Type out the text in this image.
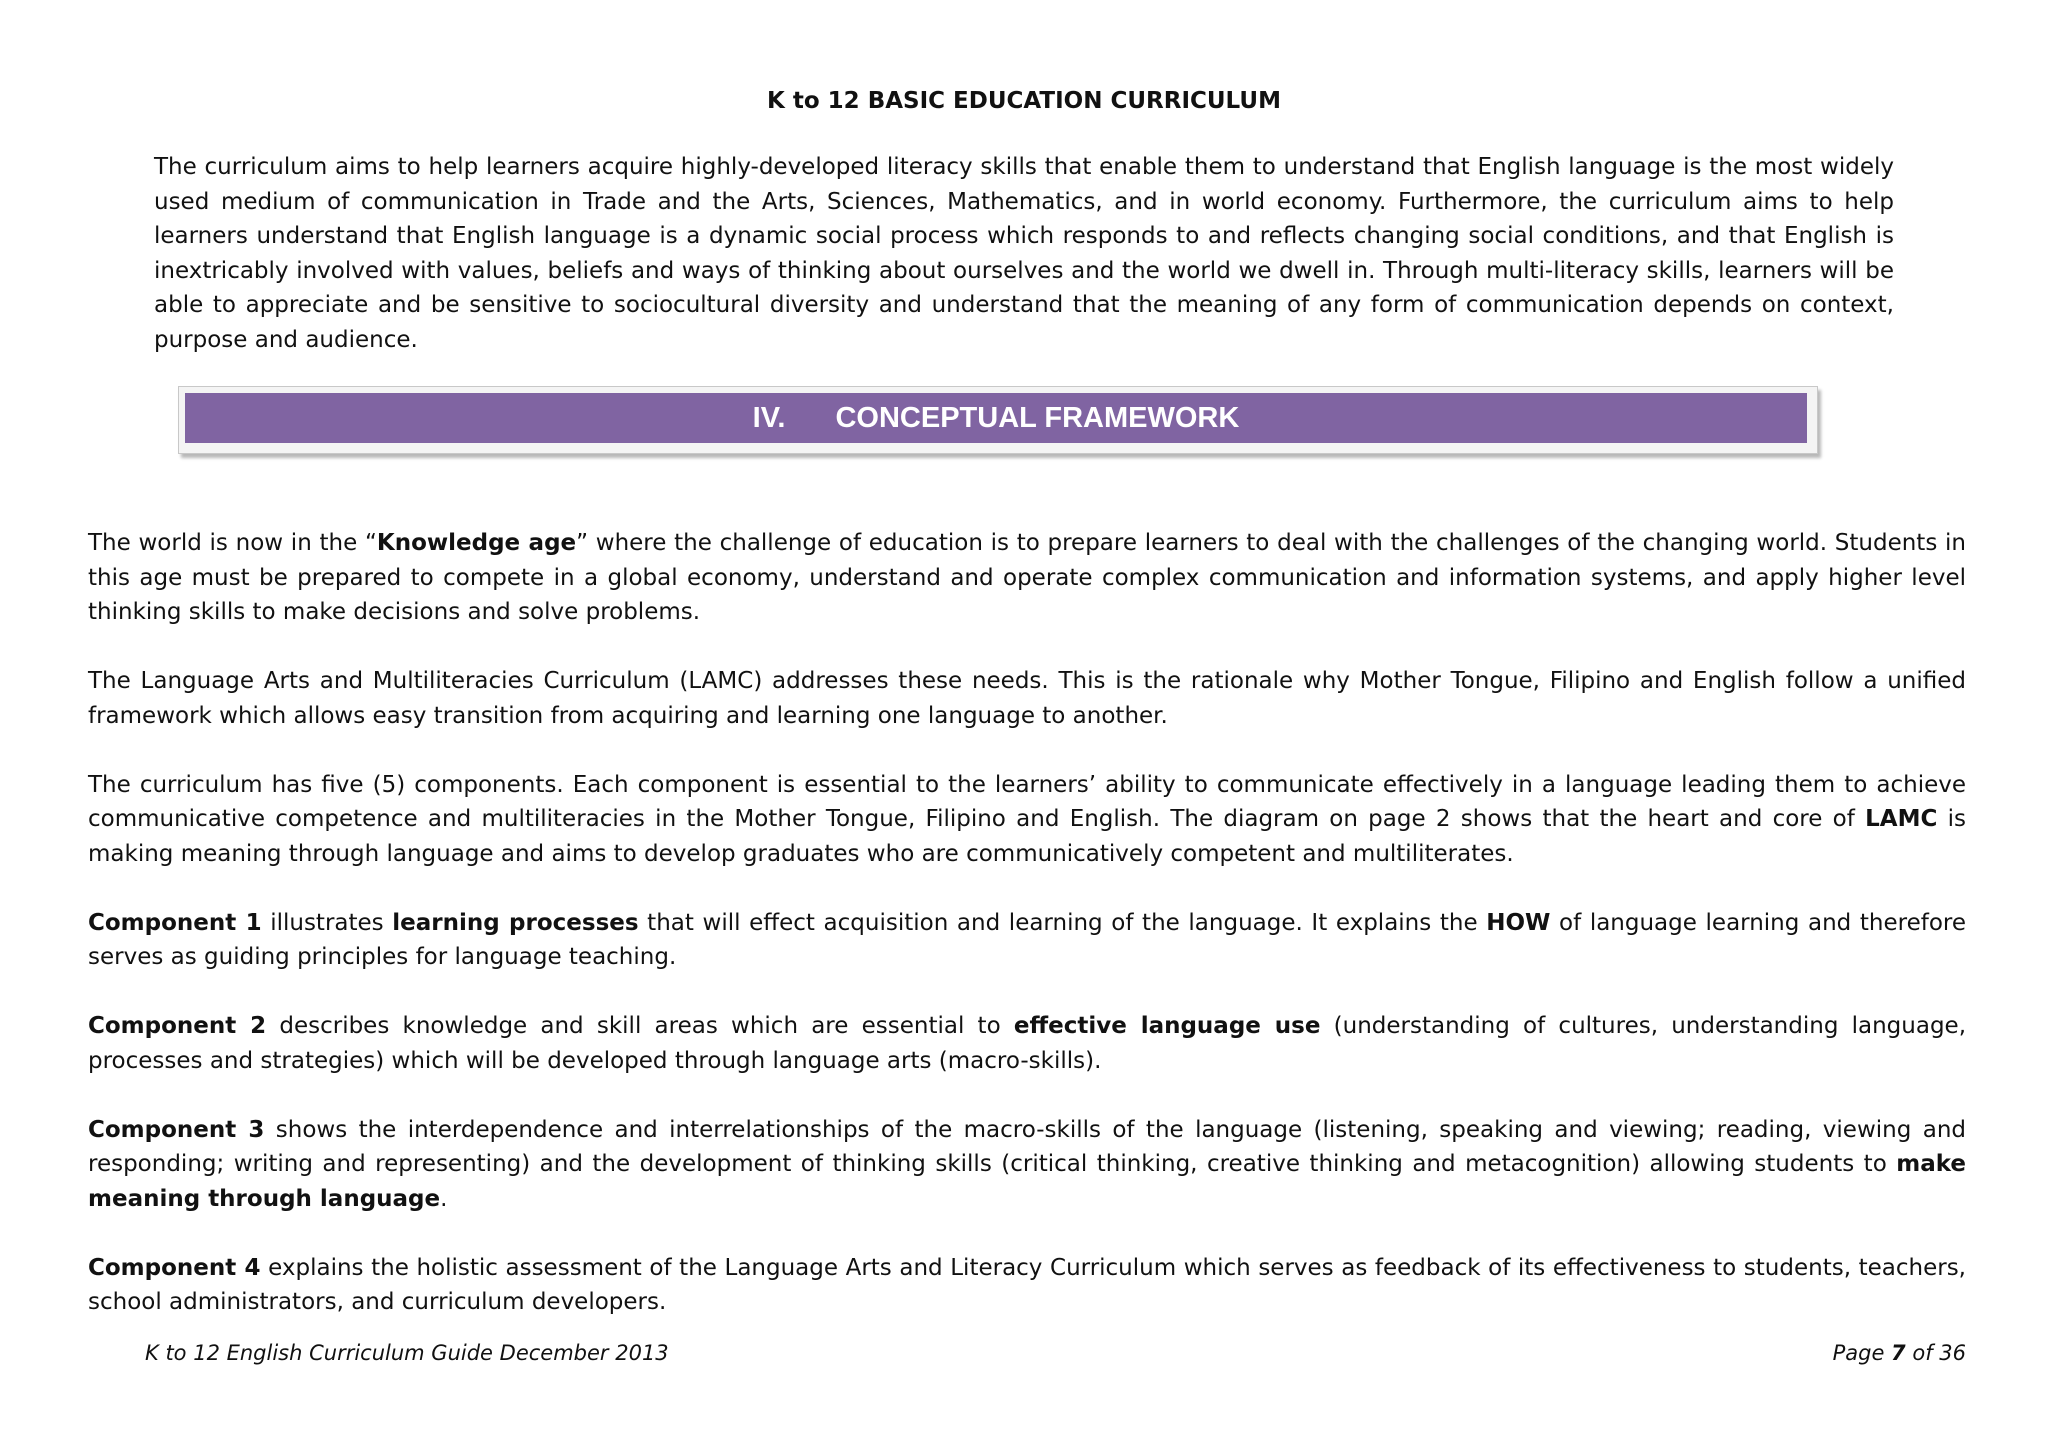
K to 12 BASIC EDUCATION CURRICULUM
The curriculum aims to help learners acquire highly-developed literacy skills that enable them to understand that English language is the most widely used medium of communication in Trade and the Arts, Sciences, Mathematics, and in world economy. Furthermore, the curriculum aims to help learners understand that English language is a dynamic social process which responds to and reflects changing social conditions, and that English is inextricably involved with values, beliefs and ways of thinking about ourselves and the world we dwell in. Through multi-literacy skills, learners will be able to appreciate and be sensitive to sociocultural diversity and understand that the meaning of any form of communication depends on context, purpose and audience.
IV. CONCEPTUAL FRAMEWORK

The world is now in the “Knowledge age” where the challenge of education is to prepare learners to deal with the challenges of the changing world. Students in this age must be prepared to compete in a global economy, understand and operate complex communication and information systems, and apply higher level thinking skills to make decisions and solve problems.

The Language Arts and Multiliteracies Curriculum (LAMC) addresses these needs. This is the rationale why Mother Tongue, Filipino and English follow a unified framework which allows easy transition from acquiring and learning one language to another.

The curriculum has five (5) components. Each component is essential to the learners’ ability to communicate effectively in a language leading them to achieve communicative competence and multiliteracies in the Mother Tongue, Filipino and English. The diagram on page 2 shows that the heart and core of LAMC is making meaning through language and aims to develop graduates who are communicatively competent and multiliterates.

Component 1 illustrates learning processes that will effect acquisition and learning of the language. It explains the HOW of language learning and therefore serves as guiding principles for language teaching.

Component 2 describes knowledge and skill areas which are essential to effective language use (understanding of cultures, understanding language, processes and strategies) which will be developed through language arts (macro-skills).

Component 3 shows the interdependence and interrelationships of the macro-skills of the language (listening, speaking and viewing; reading, viewing and responding; writing and representing) and the development of thinking skills (critical thinking, creative thinking and metacognition) allowing students to make meaning through language.

Component 4 explains the holistic assessment of the Language Arts and Literacy Curriculum which serves as feedback of its effectiveness to students, teachers, school administrators, and curriculum developers.

K to 12 English Curriculum Guide December 2013	Page 7 of 36
